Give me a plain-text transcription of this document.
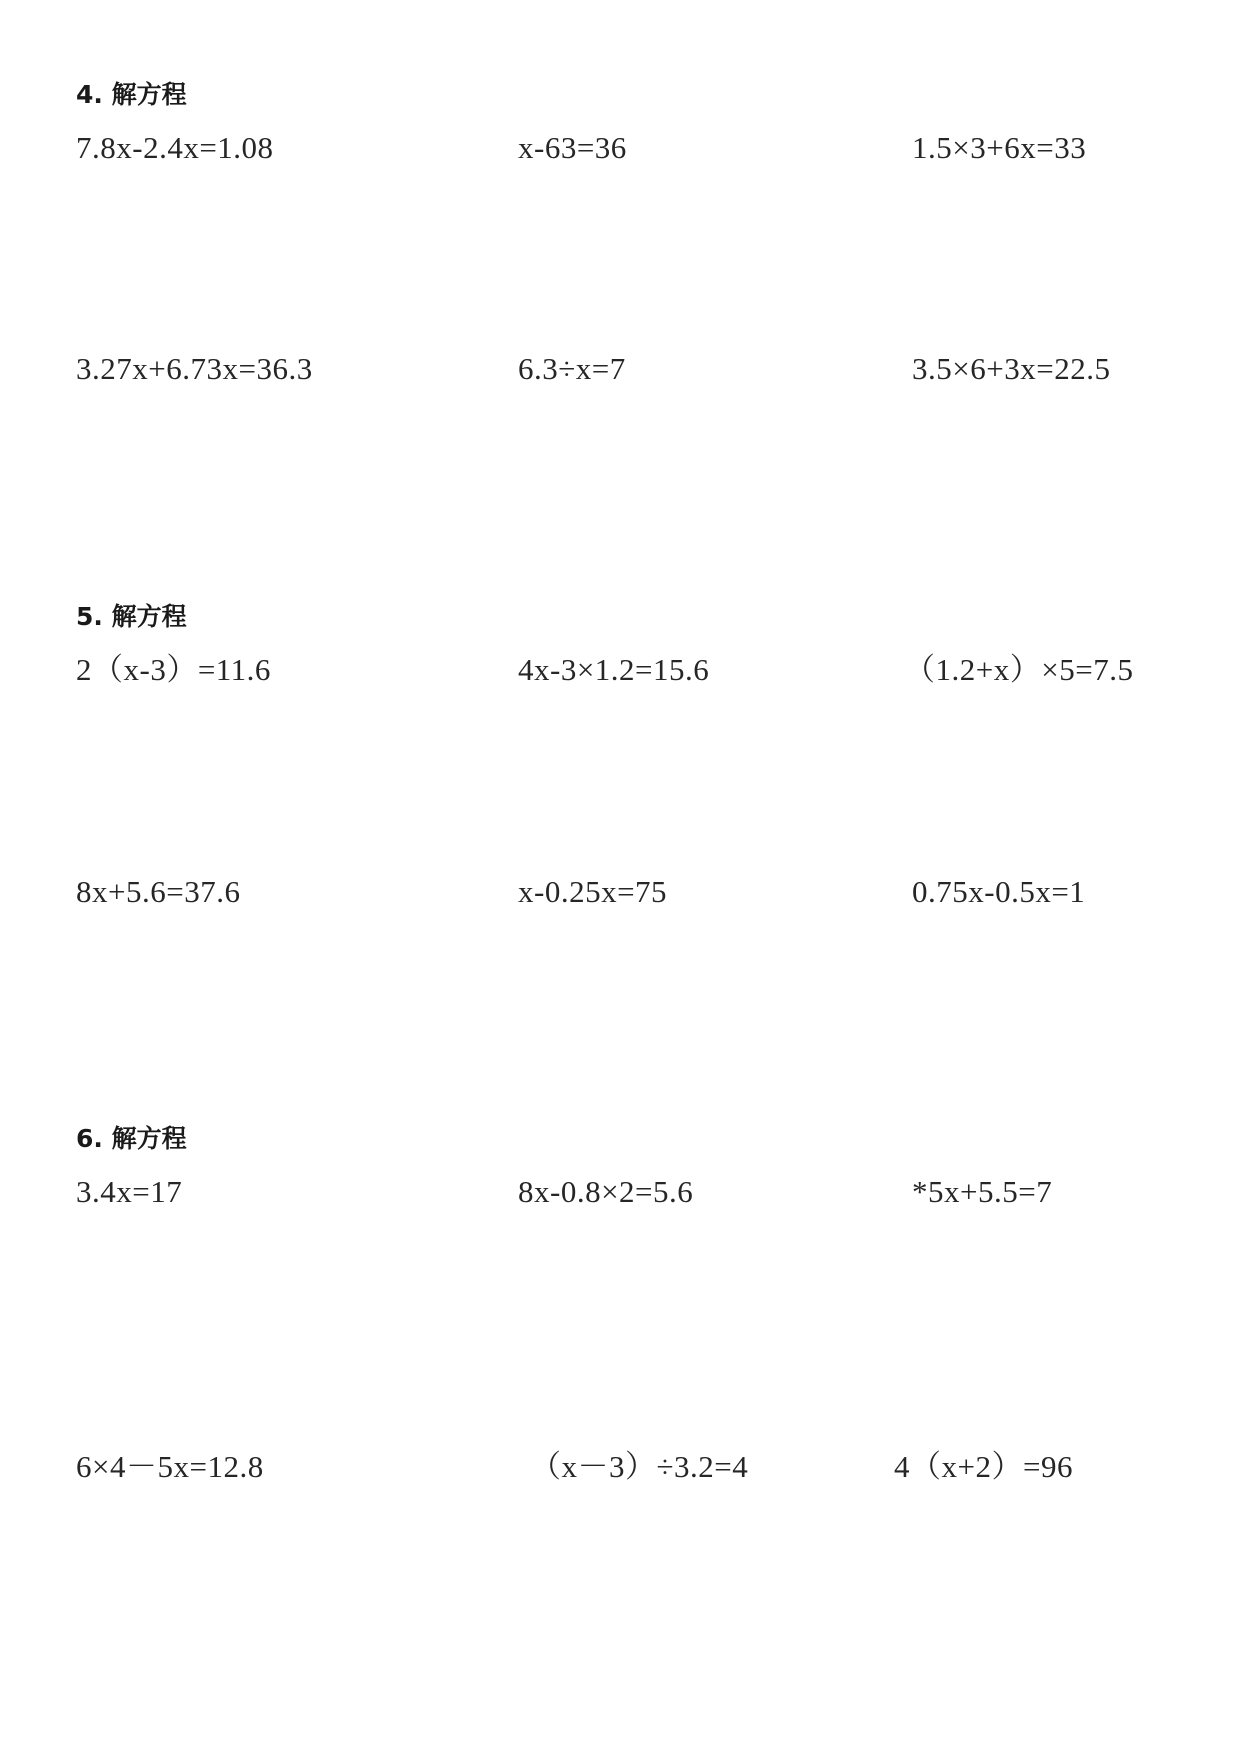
4. 解方程
7.8x-2.4x=1.08	x-63=36	1.5×3+6x=33
3.27x+6.73x=36.3	6.3÷x=7	3.5×6+3x=22.5
5. 解方程
2（x-3）=11.6	4x-3×1.2=15.6	（1.2+x）×5=7.5
8x+5.6=37.6	x-0.25x=75	0.75x-0.5x=1
6. 解方程
3.4x=17	8x-0.8×2=5.6	*5x+5.5=7
6×4－5x=12.8	（x－3）÷3.2=4	4（x+2）=96
